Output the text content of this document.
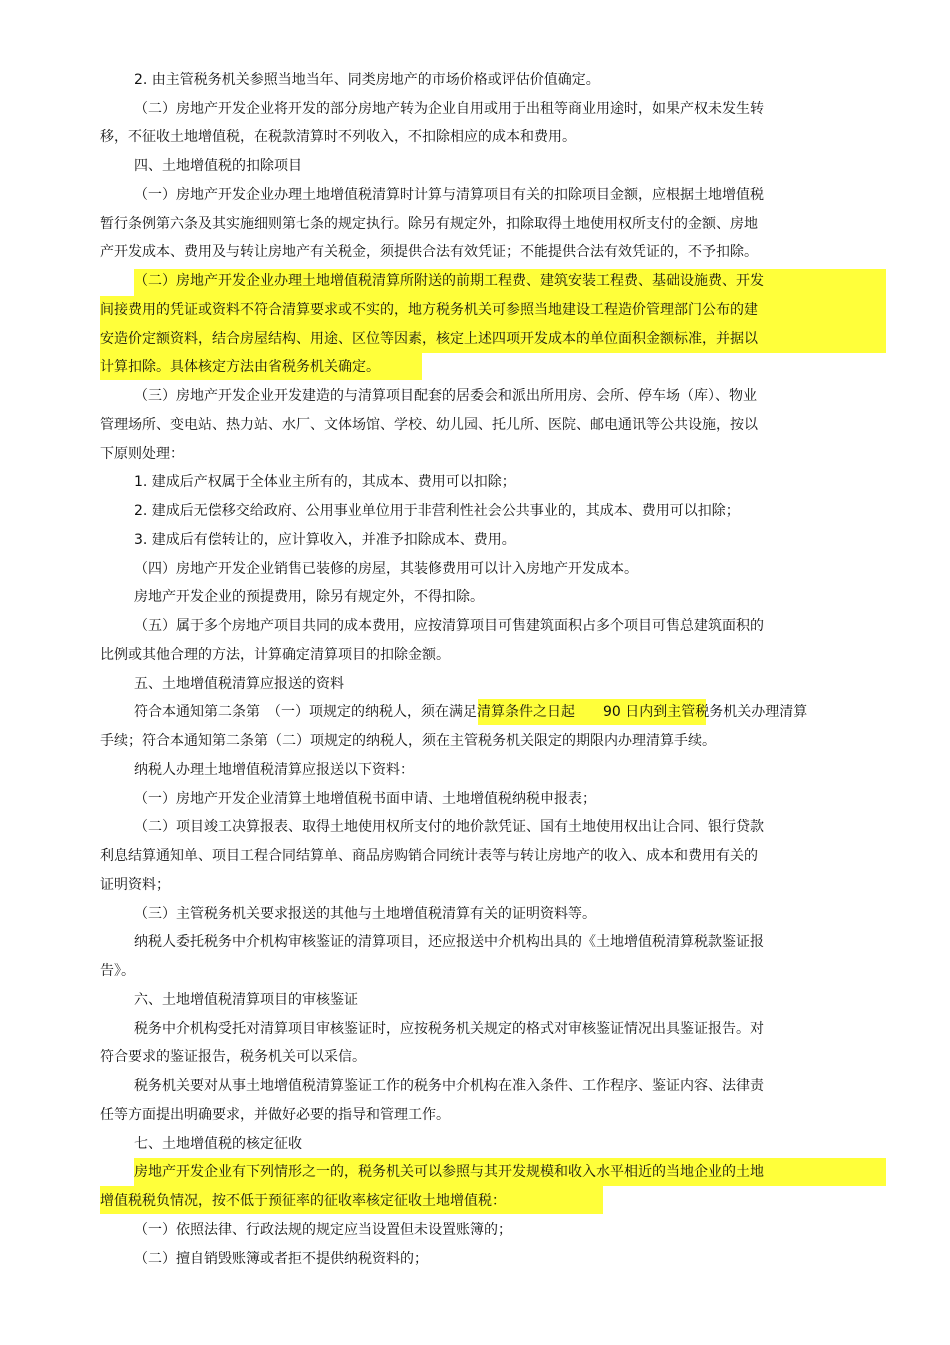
2. 由主管税务机关参照当地当年、同类房地产的市场价格或评估价值确定。
（二）房地产开发企业将开发的部分房地产转为企业自用或用于出租等商业用途时，如果产权未发生转
移，不征收土地增值税，在税款清算时不列收入，不扣除相应的成本和费用。
四、土地增值税的扣除项目
（一）房地产开发企业办理土地增值税清算时计算与清算项目有关的扣除项目金额，应根据土地增值税
暂行条例第六条及其实施细则第七条的规定执行。除另有规定外，扣除取得土地使用权所支付的金额、房地
产开发成本、费用及与转让房地产有关税金，须提供合法有效凭证；不能提供合法有效凭证的，不予扣除。
（二）房地产开发企业办理土地增值税清算所附送的前期工程费、建筑安装工程费、基础设施费、开发
间接费用的凭证或资料不符合清算要求或不实的，地方税务机关可参照当地建设工程造价管理部门公布的建
安造价定额资料，结合房屋结构、用途、区位等因素，核定上述四项开发成本的单位面积金额标准，并据以
计算扣除。具体核定方法由省税务机关确定。
（三）房地产开发企业开发建造的与清算项目配套的居委会和派出所用房、会所、停车场（库）、物业
管理场所、变电站、热力站、水厂、文体场馆、学校、幼儿园、托儿所、医院、邮电通讯等公共设施，按以
下原则处理：
1. 建成后产权属于全体业主所有的，其成本、费用可以扣除；
2. 建成后无偿移交给政府、公用事业单位用于非营利性社会公共事业的，其成本、费用可以扣除；
3. 建成后有偿转让的，应计算收入，并准予扣除成本、费用。
（四）房地产开发企业销售已装修的房屋，其装修费用可以计入房地产开发成本。
房地产开发企业的预提费用，除另有规定外，不得扣除。
（五）属于多个房地产项目共同的成本费用，应按清算项目可售建筑面积占多个项目可售总建筑面积的
比例或其他合理的方法，计算确定清算项目的扣除金额。
五、土地增值税清算应报送的资料
符合本通知第二条第　（一）项规定的纳税人，须在满足清算条件之日起　　90 日内到主管税务机关办理清算
手续；符合本通知第二条第（二）项规定的纳税人，须在主管税务机关限定的期限内办理清算手续。
纳税人办理土地增值税清算应报送以下资料：
（一）房地产开发企业清算土地增值税书面申请、土地增值税纳税申报表；
（二）项目竣工决算报表、取得土地使用权所支付的地价款凭证、国有土地使用权出让合同、银行贷款
利息结算通知单、项目工程合同结算单、商品房购销合同统计表等与转让房地产的收入、成本和费用有关的
证明资料；
（三）主管税务机关要求报送的其他与土地增值税清算有关的证明资料等。
纳税人委托税务中介机构审核鉴证的清算项目，还应报送中介机构出具的《土地增值税清算税款鉴证报
告》。
六、土地增值税清算项目的审核鉴证
税务中介机构受托对清算项目审核鉴证时，应按税务机关规定的格式对审核鉴证情况出具鉴证报告。对
符合要求的鉴证报告，税务机关可以采信。
税务机关要对从事土地增值税清算鉴证工作的税务中介机构在准入条件、工作程序、鉴证内容、法律责
任等方面提出明确要求，并做好必要的指导和管理工作。
七、土地增值税的核定征收
房地产开发企业有下列情形之一的，税务机关可以参照与其开发规模和收入水平相近的当地企业的土地
增值税税负情况，按不低于预征率的征收率核定征收土地增值税：
（一）依照法律、行政法规的规定应当设置但未设置账簿的；
（二）擅自销毁账簿或者拒不提供纳税资料的；
